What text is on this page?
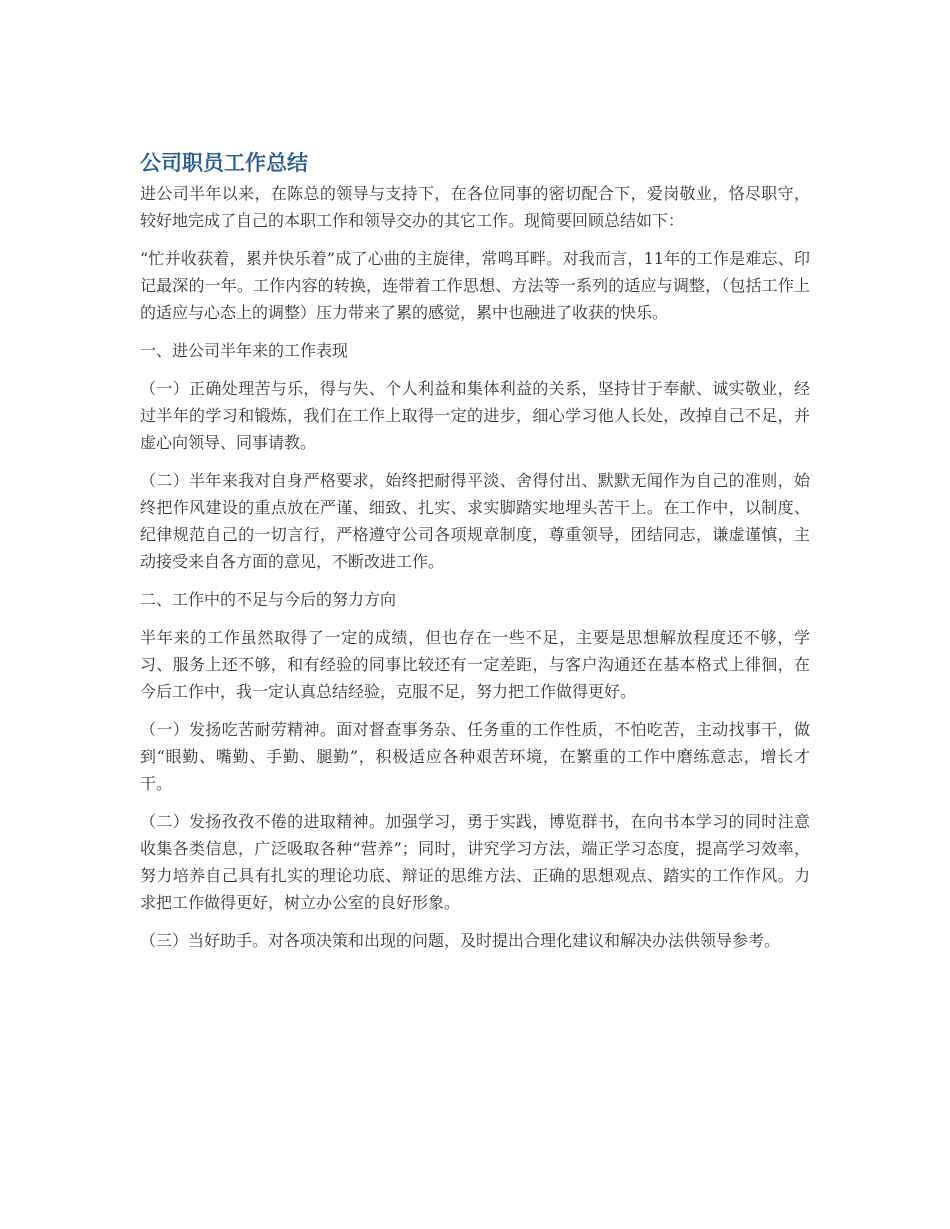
公司职员工作总结

进公司半年以来，在陈总的领导与支持下，在各位同事的密切配合下，爱岗敬业，恪尽职守，较好地完成了自己的本职工作和领导交办的其它工作。现简要回顾总结如下：

“忙并收获着，累并快乐着”成了心曲的主旋律，常鸣耳畔。对我而言，11年的工作是难忘、印记最深的一年。工作内容的转换，连带着工作思想、方法等一系列的适应与调整，（包括工作上的适应与心态上的调整）压力带来了累的感觉，累中也融进了收获的快乐。

一、进公司半年来的工作表现

（一）正确处理苦与乐，得与失、个人利益和集体利益的关系，坚持甘于奉献、诚实敬业，经过半年的学习和锻炼，我们在工作上取得一定的进步，细心学习他人长处，改掉自己不足，并虚心向领导、同事请教。

（二）半年来我对自身严格要求，始终把耐得平淡、舍得付出、默默无闻作为自己的准则，始终把作风建设的重点放在严谨、细致、扎实、求实脚踏实地埋头苦干上。在工作中，以制度、纪律规范自己的一切言行，严格遵守公司各项规章制度，尊重领导，团结同志，谦虚谨慎，主动接受来自各方面的意见，不断改进工作。

二、工作中的不足与今后的努力方向

半年来的工作虽然取得了一定的成绩，但也存在一些不足，主要是思想解放程度还不够，学习、服务上还不够，和有经验的同事比较还有一定差距，与客户沟通还在基本格式上徘徊，在今后工作中，我一定认真总结经验，克服不足，努力把工作做得更好。

（一）发扬吃苦耐劳精神。面对督查事务杂、任务重的工作性质，不怕吃苦，主动找事干，做到“眼勤、嘴勤、手勤、腿勤”，积极适应各种艰苦环境，在繁重的工作中磨练意志，增长才干。

（二）发扬孜孜不倦的进取精神。加强学习，勇于实践，博览群书，在向书本学习的同时注意收集各类信息，广泛吸取各种“营养”；同时，讲究学习方法，端正学习态度，提高学习效率，努力培养自己具有扎实的理论功底、辩证的思维方法、正确的思想观点、踏实的工作作风。力求把工作做得更好，树立办公室的良好形象。

（三）当好助手。对各项决策和出现的问题，及时提出合理化建议和解决办法供领导参考。
